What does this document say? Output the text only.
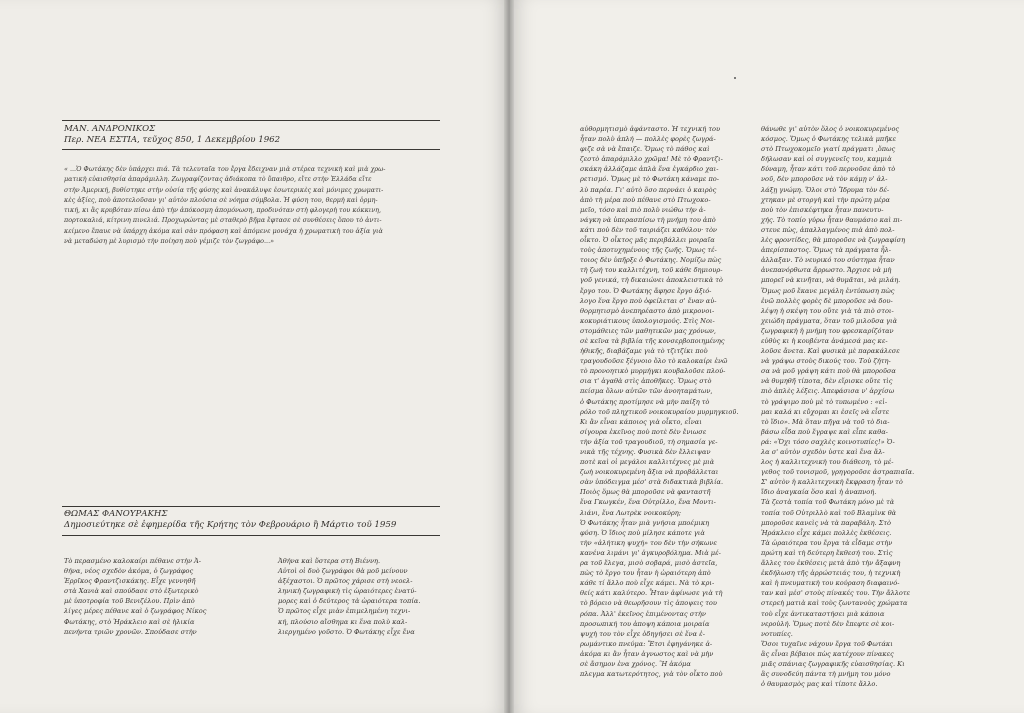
ΜΑΝ. ΑΝΔΡΟΝΙΚΟΣ
Περ. ΝΕΑ ΕΣΤΙΑ, τεῦχος 850, 1 Δεκεμβρίου 1962
« ...Ὁ Φωτάκης δὲν ὑπάρχει πιά. Τὰ τελευταῖα του ἔργα ἔδειχναν μιὰ στέρεα τεχνικὴ καὶ μιὰ χρω-
ματικὴ εὐαισθησία ἀπαράμιλλη. Ζωγραφίζοντας ἀδιάκοπα τὸ ὕπαιθρο, εἴτε στὴν Ἑλλάδα εἴτε
στὴν Ἀμερική, βυθίστηκε στὴν οὐσία τῆς φύσης καὶ ἀνακάλυψε ἐσωτερικὲς καὶ μόνιμες χρωματι-
κὲς ἀξίες, ποὺ ἀποτελοῦσαν γι' αὐτὸν πλούσια σὲ νόημα σύμβολα. Ἡ φύση του, θερμὴ καὶ ὁρμη-
τική, κι ἂς κρυβόταν πίσω ἀπὸ τὴν ἀπόκοσμη ἀπομόνωση, προδινόταν στὴ φλογερὴ του κόκκινη,
πορτοκαλιά, κίτρινη πινελιά. Προχωρώντας μὲ σταθερὸ βῆμα ἔφτασε σὲ συνθέσεις ὅπου τὸ ἀντι-
κείμενο ἔπαυε νὰ ὑπάρχη ἀκόμα καὶ σὰν πρόφαση καὶ ἀπόμενε μονάχα ἡ χρωματικὴ του ἀξία γιὰ
νὰ μεταδώση μὲ λυρισμὸ τὴν ποίηση ποὺ γέμιζε τὸν ζωγράφο...»
ΘΩΜΑΣ ΦΑΝΟΥΡΑΚΗΣ
Δημοσιεύτηκε σὲ ἐφημερίδα τῆς Κρήτης τὸν Φεβρουάριο ἢ Μάρτιο τοῦ 1959
Τὸ περασμένο καλοκαίρι πέθανε στὴν Ἀ-
θήνα, νέος σχεδὸν ἀκόμα, ὁ ζωγράφος
Ἐρρῖκος Φραντζισκάκης. Εἶχε γεννηθῆ
στὰ Χανιὰ καὶ σπούδασε στὸ ἐξωτερικὸ
μὲ ὑποτροφία τοῦ Βενιζέλου. Πρὶν ἀπὸ
λίγες μέρες πέθανε καὶ ὁ ζωγράφος Νίκος
Φωτάκης, στὸ Ἡράκλειο καὶ σὲ ἡλικία
πενήντα τριῶν χρονῶν. Σπούδασε στὴν
Ἀθήνα καὶ ὕστερα στὴ Βιέννη.
Αὐτοὶ οἱ δυὸ ζωγράφοι θὰ μοῦ μείνουν
ἀξέχαστοι. Ὁ πρῶτος χάρισε στὴ νεοελ-
ληνικὴ ζωγραφικὴ τὶς ὡραιότερες ἐνατύ-
μορες καὶ ὁ δεύτερος τὰ ὡραιότερα τοπία.
Ὁ πρῶτος εἶχε μιὰν ἐπιμελημένη τεχνι-
κή, πλούσιο αἴσθημα κι ἕνα πολὺ καλ-
λιεργημένο γοῦστο. Ὁ Φωτάκης εἶχε ἕνα
αὐθορμητισμὸ ἀφάνταστο. Ἡ τεχνική του
ἦταν πολὺ ἁπλή — πολλὲς φορὲς ζωγρά-
φιζε σὰ νὰ ἔπαιζε. Ὅμως τὸ πάθος καὶ
ζεστὸ ἀπαράμιλλο χρῶμα! Μὲ τὸ Φραντζι-
σκάκη ἀλλάζαμε ἁπλὰ ἕνα ἐγκάρδιο χαι-
ρετισμό. Ὅμως μὲ τὸ Φωτάκη κάναμε πο-
λὺ παρέα. Γι' αὐτὸ ὅσο περνάει ὁ καιρὸς
ἀπὸ τὴ μέρα ποὺ πέθανε στὸ Πτωχοκο-
μεῖο, τόσο καὶ πιὸ πολὺ νιώθω τὴν ἀ-
νάγκη νὰ ὑπερασπίσω τὴ μνήμη του ἀπὸ
κάτι ποὺ δὲν τοῦ ταιριάζει καθόλου· τὸν
οἶκτο. Ὁ οἶκτος μᾶς περιβάλλει μοιραῖα
τοὺς ἀποτυχημένους τῆς ζωῆς. Ὅμως τέ-
τοιος δὲν ὑπῆρξε ὁ Φωτάκης. Νομίζω πὼς
τὴ ζωή του καλλιτέχνη, τοῦ κάθε δημιουρ-
γοῦ γενικά, τὴ δικαιώνει ἀποκλειστικὰ τὸ
ἔργο του. Ὁ Φωτάκης ἄφησε ἔργο ἀξιό-
λογο ἕνα ἔργο ποὺ ὀφείλεται σ' ἕναν αὐ-
θορμητισμὸ ἀνεπηρέαστο ἀπὸ μικρονοι-
κοκυριάτικους ὑπολογισμούς. Στὶς Νοι-
στομάθειες τῶν μαθητικῶν μας χρόνων,
σὲ κεῖνα τὰ βιβλία τῆς κονσερβοποιημένης
ἠθικῆς, διαβάζαμε γιὰ τὸ τζιτζίκι ποὺ
τραγουδοῦσε ξέγνοιο ὅλο τὸ καλοκαίρι ἐνῶ
τὸ προνοητικὸ μυρμήγκι κουβαλοῦσε πλού-
σια τ' ἀγαθὰ στὶς ἀποθῆκες. Ὅμως στὸ
πείσμα ὅλων αὐτῶν τῶν ἀνοηταμάτων,
ὁ Φωτάκης προτίμησε νὰ μὴν παίξη τὸ
ρόλο τοῦ πληχτικοῦ νοικοκυραίου μυρμηγκιοῦ.
Κι ἂν εἶναι κάποιος γιὰ οἶκτο, εἶναι
σίγουρα ἐκεῖνος ποὺ ποτὲ δὲν ἔνιωσε
τὴν ἀξία τοῦ τραγουδιοῦ, τὴ σημασία γε-
νικὰ τῆς τέχνης. Φυσικὰ δὲν ἔλλειψαν
ποτὲ καὶ οἱ μεγάλοι καλλιτέχνες μὲ μιὰ
ζωὴ νοικοκυρεμένη ἄξια νὰ προβάλλεται
σὰν ὑπόδειγμα μέσ' στὰ διδακτικὰ βιβλία.
Ποιὸς ὅμως θὰ μποροῦσε νὰ φανταστῆ
ἕνα Γκωγκέν, ἕνα Οὐτρίλλο, ἕνα Μοντι-
λιάνι, ἕνα Λωτρὲκ νοικοκύρη;
Ὁ Φωτάκης ἦταν μιὰ γνήσια μποέμικη
φύση. Ὁ ἴδιος ποὺ μίλησε κάποτε γιὰ
τὴν «ἀλήτικη ψυχή» του δὲν τὴν σήκωνε
κανένα λιμάνι γι' ἀγκυροβόλημα. Μιὰ μέ-
ρα τοῦ ἔλεγα, μισὸ σοβαρά, μισὸ ἀστεῖα,
πὼς τὸ ἔργο του ἦταν ἡ ὡραιότερη ἀπὸ
κάθε τί ἄλλο ποὺ εἶχε κάμει. Νὰ τὸ κρι-
θείς κάτι καλύτερο. Ἦταν ἀφίνωσε γιὰ τὴ
τὸ βόρειο νὰ θεωρῆσουν τὶς ἀποψεις του
ρόπα. Ἀλλ' ἐκεῖνος ἐπιμένοντας στὴν
προσωπική του ἀποψη κάποια μοιραία
ψυχὴ του τὸν εἶχε ὁδηγήσει σὲ ἕνα ἐ-
ρωμάντικο πνεύμα: Ἔτσι ἐφηγάνηκε ἀ-
ἀκόμα κι ἂν ἦταν ἀγνωστος καὶ νὰ μὴν
σὲ ἄσημον ἐνα χρόνος. Ἢ ἀκόμα
πλεγμα κατωτερότητος, γιὰ τὸν οἶκτο ποὺ
θάνωθε γι' αὐτὸν ὅλος ὁ νοικοκυρεμένος
κόσμος. Ὅμως ὁ Φωτάκης τελικὰ μπῆκε
στὸ Πτωχοκομεῖο γιατί πράγματι ,ὅπως
δήλωσαν καὶ οἱ συγγενεῖς του, καμμιὰ
δύναμη, ἦταν κάτι τοῦ περνοῦσε ἀπὸ τὸ
νοῦ, δὲν μποροῦσε νὰ τὸν κάμῃ ν' ἀλ-
λάξῃ γνώμη. Ὅλοι στὸ Ἴδρυμα τὸν δέ-
χτηκαν μὲ στοργὴ καὶ τὴν πρώτη μέρα
ποὺ τὸν ἐπισκέφτηκα ἦταν πανευτυ-
χής. Τὸ τοπίο γύρω ἦταν θαυμάσιο καὶ πι-
στευε πὼς, ἀπαλλαγμένος πιὰ ἀπὸ πολ-
λὲς φροντίδες, θὰ μποροῦσε νὰ ζωγραφίση
ἀπερίσπαστος. Ὅμως τὰ πράγματα ἦλ-
ἀλλαξαν. Τὸ νευρικό του σύστημα ἦταν
ἀνεπανόρθωτα ἄρρωστο. Ἄρχισε νὰ μὴ
μπορεῖ νὰ κινῆται, νὰ θυμᾶται, νὰ μιλάη.
Ὅμως μοῦ ἔκανε μεγάλη ἐντύπωση πὼς
ἐνῶ πολλὲς φορὲς δὲ μποροῦσε νὰ δου-
λέψη ἡ σκέψη του οὔτε γιὰ τὰ πιὸ στοι-
χειώδη πράγματα, ὅταν τοῦ μιλοῦσα γιὰ
ζωγραφικὴ ἡ μνήμη του φρεσκαρίζόταν
εὐθὺς κι ἡ κουβέντα ἀνάμεσά μας κε-
λοῦσε ἄνετα. Καὶ φυσικὰ μὲ παρακάλεσε
νὰ γράψω στοὺς δικούς του. Τοὺ ζήτη-
σα νὰ μοῦ γράψη κάτι ποὺ θὰ μποροῦσα
νὰ θυμηθῆ τίποτα, δὲν εἴρισκε οὔτε τὶς
πιὸ ἁπλὲς λέξεις. Ἀπεφάσισα ν' ἀρχίσω
τὸ γράψιμο ποὺ μὲ τὸ τυπωμένο : «εἰ-
μαι καλά κι εὔχομαι κι ἐσεῖς νὰ εἶστε
τὸ ἴδιο». Μὰ ὅταν πῆγα νὰ τοῦ τὸ δια-
βάσω εἶδα ποὺ ἔγραψε καὶ εἶπε καθα-
ρά: «Ὅχι τόσο σαχλὲς κοινοτυπίες!» Ὁ-
λα σ' αὐτὸν σχεδὸν ὑστε καὶ ἕνα ἄλ-
λος ἡ καλλιτεχνικὴ του διάθεση, τὸ μέ-
γεθος τοῦ τονισμοῦ, γρηγοροῦσε ἀστραπιαῖα.
Σ' αὐτὸν ἡ καλλιτεχνικὴ ἔκφραση ἦταν τὸ
ἴδιο ἀναγκαία ὅσο καὶ ἡ ἀναπνοή.
Τὰ ζεστὰ τοπία τοῦ Φωτάκη μόνο μὲ τὰ
τοπία τοῦ Οὐτριλλὸ καὶ τοῦ Βλαμὶνκ θὰ
μποροῦσε κανεὶς νὰ τὰ παραβάλη. Στὸ
Ἡράκλειο εἶχε κάμει πολλὲς ἐκθέσεις.
Τὰ ὡραιότερα του ἔργα τὰ εἶδαμε στὴν
πρώτη καὶ τὴ δεύτερη ἔκθεσή του. Στὶς
ἄλλες του ἐκθέσεις μετὰ ἀπὸ τὴν ἄξαφνη
ἐκδήλωση τῆς ἀρρώστειάς του, ἡ τεχνικὴ
καὶ ἡ πνευματικὴ του κούραση διαφαινό-
ταν καὶ μέσ' στοὺς πίνακές του. Τὴν ἄλλοτε
στερεὴ ματιὰ καὶ τοὺς ζωντανοὺς χρώματα
τοὺ εἶχε ἀντικαταστήσει μιὰ κάποια
νεροὺλή. Ὅμως ποτὲ δὲν ἔπεφτε σὲ κοι-
νοτυπίες.
Ὅσοι τυχαῖνε νάχουν ἔργα τοῦ Φωτάκι
ἂς εἶναι βέβαιοι πὼς κατέχουν πίνακες
μιᾶς σπάνιας ζωγραφικῆς εὐαισθησίας. Κι
ἂς συνοδεύη πάντα τὴ μνήμη του μόνο
ὁ θαυμασμὸς μας καὶ τίποτε ἄλλο.
